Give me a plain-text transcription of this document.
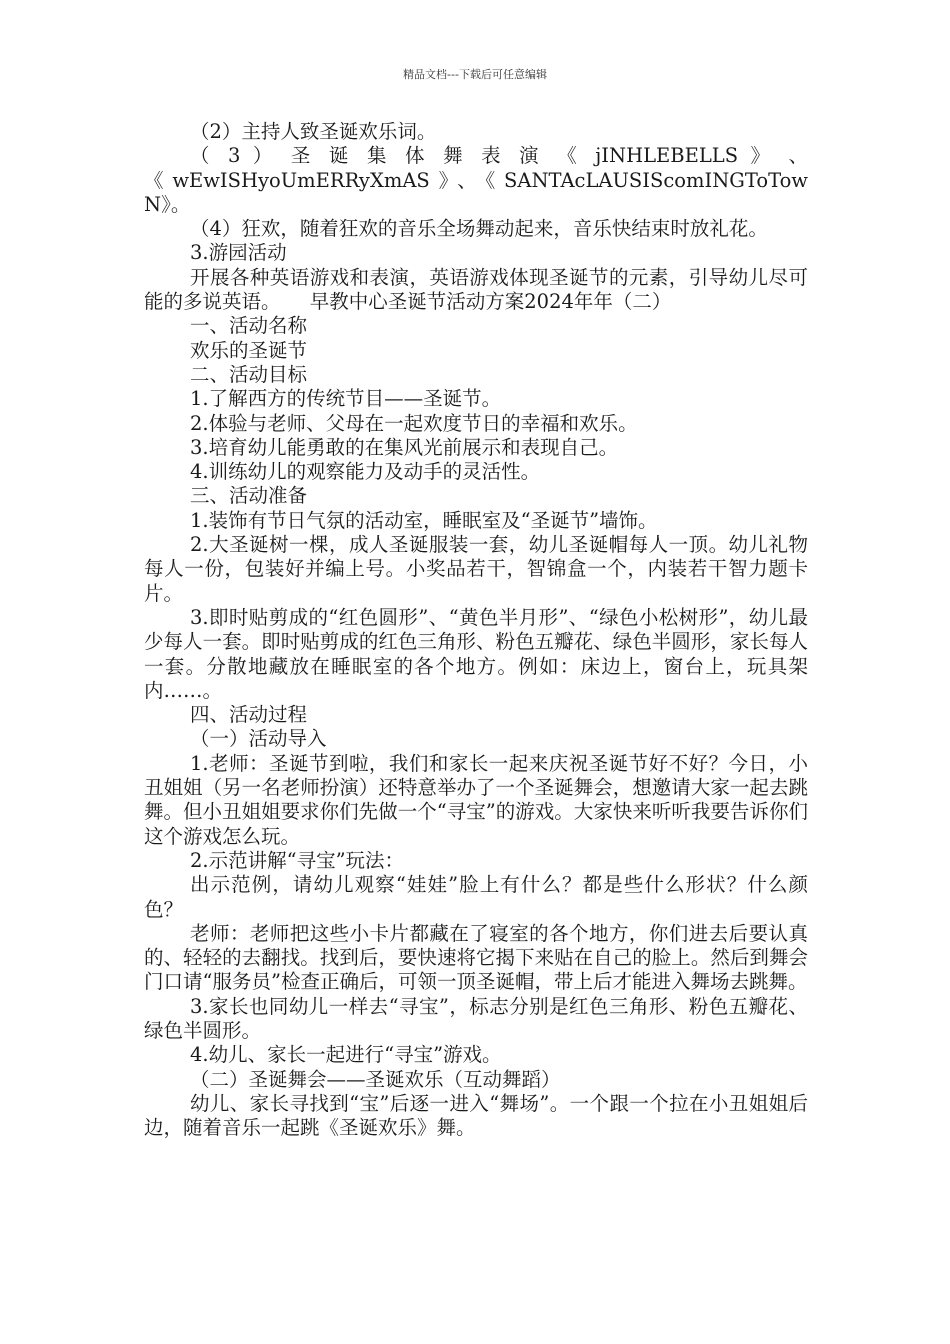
精品文档---下载后可任意编辑

（2）主持人致圣诞欢乐词。

（ 3 ） 圣 诞 集 体 舞 表 演 《 jINHLEBELLS 》 、

《wEwISHyoUmERRyXmAS》、《SANTAcLAUSIScomINGToTowN》。

（4）狂欢，随着狂欢的音乐全场舞动起来，音乐快结束时放礼花。

3.游园活动

开展各种英语游戏和表演，英语游戏体现圣诞节的元素，引导幼儿尽可能的多说英语。　　早教中心圣诞节活动方案2024年年（二）

一、活动名称

欢乐的圣诞节

二、活动目标

1.了解西方的传统节目——圣诞节。

2.体验与老师、父母在一起欢度节日的幸福和欢乐。

3.培育幼儿能勇敢的在集风光前展示和表现自己。

4.训练幼儿的观察能力及动手的灵活性。

三、活动准备

1.装饰有节日气氛的活动室，睡眠室及“圣诞节”墙饰。

2.大圣诞树一棵，成人圣诞服装一套，幼儿圣诞帽每人一顶。幼儿礼物每人一份，包装好并编上号。小奖品若干，智锦盒一个，内装若干智力题卡片。

3.即时贴剪成的“红色圆形”、“黄色半月形”、“绿色小松树形”，幼儿最少每人一套。即时贴剪成的红色三角形、粉色五瓣花、绿色半圆形，家长每人一套。分散地藏放在睡眠室的各个地方。例如：床边上，窗台上，玩具架内……。

四、活动过程

（一）活动导入

1.老师：圣诞节到啦，我们和家长一起来庆祝圣诞节好不好？今日，小丑姐姐（另一名老师扮演）还特意举办了一个圣诞舞会，想邀请大家一起去跳舞。但小丑姐姐要求你们先做一个“寻宝”的游戏。大家快来听听我要告诉你们这个游戏怎么玩。

2.示范讲解“寻宝”玩法：

出示范例，请幼儿观察“娃娃”脸上有什么？都是些什么形状？什么颜色？

老师：老师把这些小卡片都藏在了寝室的各个地方，你们进去后要认真的、轻轻的去翻找。找到后，要快速将它揭下来贴在自己的脸上。然后到舞会门口请“服务员”检查正确后，可领一顶圣诞帽，带上后才能进入舞场去跳舞。

3.家长也同幼儿一样去“寻宝”，标志分别是红色三角形、粉色五瓣花、绿色半圆形。

4.幼儿、家长一起进行“寻宝”游戏。

（二）圣诞舞会——圣诞欢乐（互动舞蹈）

幼儿、家长寻找到“宝”后逐一进入“舞场”。一个跟一个拉在小丑姐姐后边，随着音乐一起跳《圣诞欢乐》舞。
